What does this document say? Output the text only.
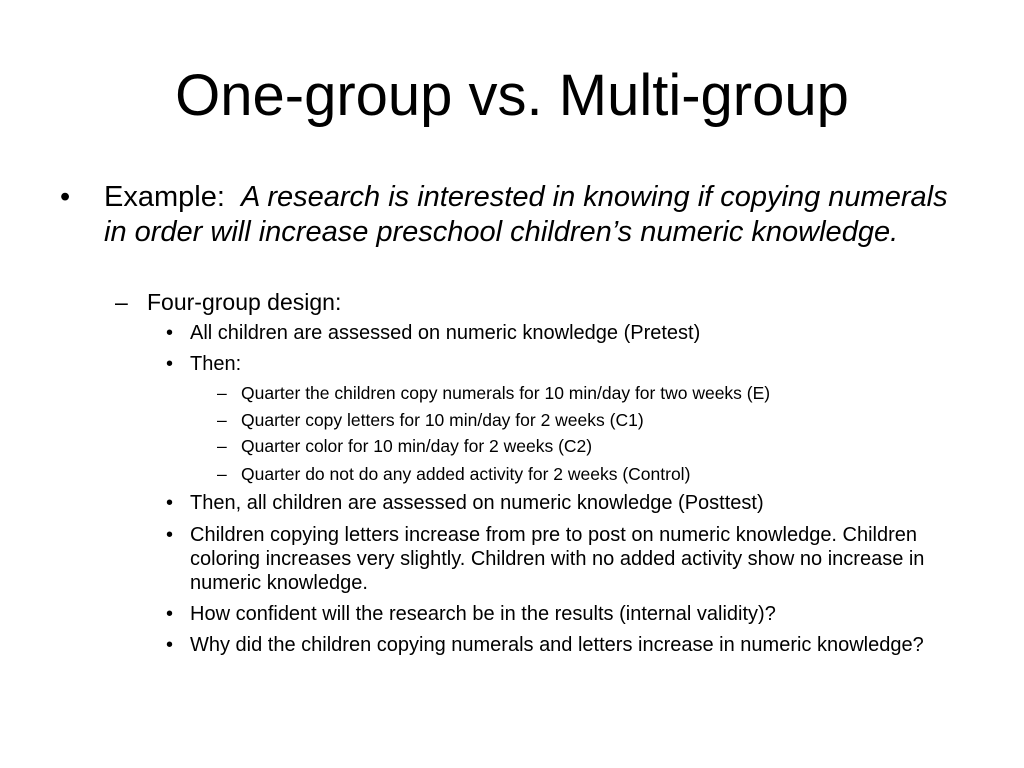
One-group vs. Multi-group
•	Example: A research is interested in knowing if copying numerals in order will increase preschool children’s numeric knowledge.
– Four-group design:
• All children are assessed on numeric knowledge (Pretest)
• Then:
– Quarter the children copy numerals for 10 min/day for two weeks (E)
– Quarter copy letters for 10 min/day for 2 weeks (C1)
– Quarter color for 10 min/day for 2 weeks (C2)
– Quarter do not do any added activity for 2 weeks (Control)
• Then, all children are assessed on numeric knowledge (Posttest)
• Children copying letters increase from pre to post on numeric knowledge. Children coloring increases very slightly. Children with no added activity show no increase in numeric knowledge.
• How confident will the research be in the results (internal validity)?
• Why did the children copying numerals and letters increase in numeric knowledge?
